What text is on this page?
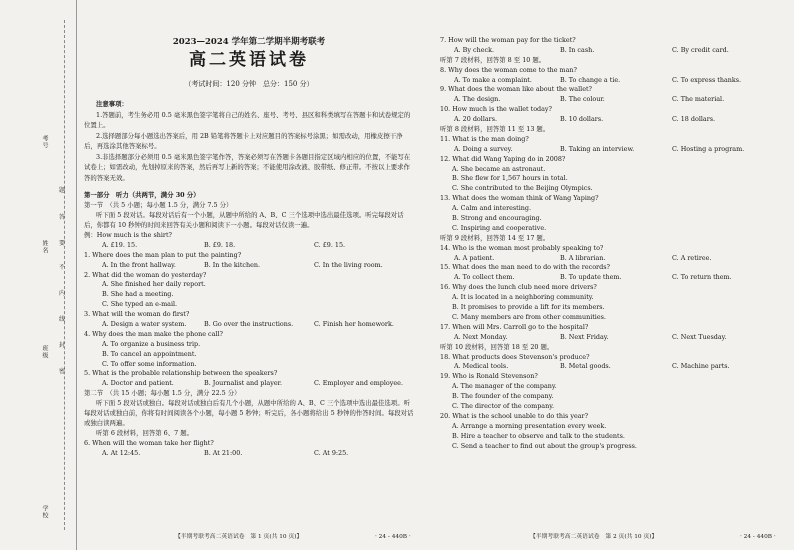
考号
姓名
班级
学校
题
答
要
不
内
线
封
密
2023—2024 学年第二学期半期考联考
高二英语试卷
（考试时间：120 分钟　总分：150 分）
注意事项：
1.答题前，考生务必用 0.5 毫米黑色签字笔将自己的姓名、座号、考号、县区和科类填写在答题卡和试卷规定的位置上。
2.选择题部分每小题选出答案后，用 2B 铅笔将答题卡上对应题目的答案标号涂黑；如需改动，用橡皮擦干净后，再选涂其他答案标号。
3.非选择题部分必须用 0.5 毫米黑色签字笔作答，答案必须写在答题卡各题目指定区域内相应的位置，不能写在试卷上；如需改动，先划掉原来的答案，然后再写上新的答案；不能使用涂改液、胶带纸、修正带。不按以上要求作答的答案无效。
第一部分　听力（共两节，满分 30 分）
第一节　（共 5 小题；每小题 1.5 分，满分 7.5 分）
听下面 5 段对话。每段对话后有一个小题，从题中所给的 A、B、C 三个选项中选出最佳选项。听完每段对话后，你都有 10 秒钟的时间来回答有关小题和阅读下一小题。每段对话仅读一遍。
例：How much is the shirt?
A. £19. 15.	B. £9. 18.	C. £9. 15.
1. Where does the man plan to put the painting?
A. In the front hallway.	B. In the kitchen.	C. In the living room.
2. What did the woman do yesterday?
A. She finished her daily report.
B. She had a meeting.
C. She typed an e-mail.
3. What will the woman do first?
A. Design a water system.	B. Go over the instructions.	C. Finish her homework.
4. Why does the man make the phone call?
A. To organize a business trip.
B. To cancel an appointment.
C. To offer some information.
5. What is the probable relationship between the speakers?
A. Doctor and patient.	B. Journalist and player.	C. Employer and employee.
第二节　（共 15 小题；每小题 1.5 分，满分 22.5 分）
听下面 5 段对话或独白。每段对话或独白后有几个小题，从题中所给的 A、B、C 三个选项中选出最佳选项。听每段对话或独白前，你将有时间阅读各个小题，每小题 5 秒钟；听完后，各小题将给出 5 秒钟的作答时间。每段对话或独白读两遍。
听第 6 段材料，回答第 6、7 题。
6. When will the woman take her flight?
A. At 12:45.	B. At 21:00.	C. At 9:25.
7. How will the woman pay for the ticket?
A. By check.	B. In cash.	C. By credit card.
听第 7 段材料，回答第 8 至 10 题。
8. Why does the woman come to the man?
A. To make a complaint.	B. To change a tie.	C. To express thanks.
9. What does the woman like about the wallet?
A. The design.	B. The colour.	C. The material.
10. How much is the wallet today?
A. 20 dollars.	B. 10 dollars.	C. 18 dollars.
听第 8 段材料，回答第 11 至 13 题。
11. What is the man doing?
A. Doing a survey.	B. Taking an interview.	C. Hosting a program.
12. What did Wang Yaping do in 2008?
A. She became an astronaut.
B. She flew for 1,567 hours in total.
C. She contributed to the Beijing Olympics.
13. What does the woman think of Wang Yaping?
A. Calm and interesting.
B. Strong and encouraging.
C. Inspiring and cooperative.
听第 9 段材料，回答第 14 至 17 题。
14. Who is the woman most probably speaking to?
A. A patient.	B. A librarian.	C. A retiree.
15. What does the man need to do with the records?
A. To collect them.	B. To update them.	C. To return them.
16. Why does the lunch club need more drivers?
A. It is located in a neighboring community.
B. It promises to provide a lift for its members.
C. Many members are from other communities.
17. When will Mrs. Carroll go to the hospital?
A. Next Monday.	B. Next Friday.	C. Next Tuesday.
听第 10 段材料，回答第 18 至 20 题。
18. What products does Stevenson's produce?
A. Medical tools.	B. Metal goods.	C. Machine parts.
19. Who is Ronald Stevenson?
A. The manager of the company.
B. The founder of the company.
C. The director of the company.
20. What is the school unable to do this year?
A. Arrange a morning presentation every week.
B. Hire a teacher to observe and talk to the students.
C. Send a teacher to find out about the group's progress.
【半期考联考高二英语试卷　第 1 页(共 10 页)】	· 24 - 440B ·	【半期考联考高二英语试卷　第 2 页(共 10 页)】	· 24 - 440B ·
